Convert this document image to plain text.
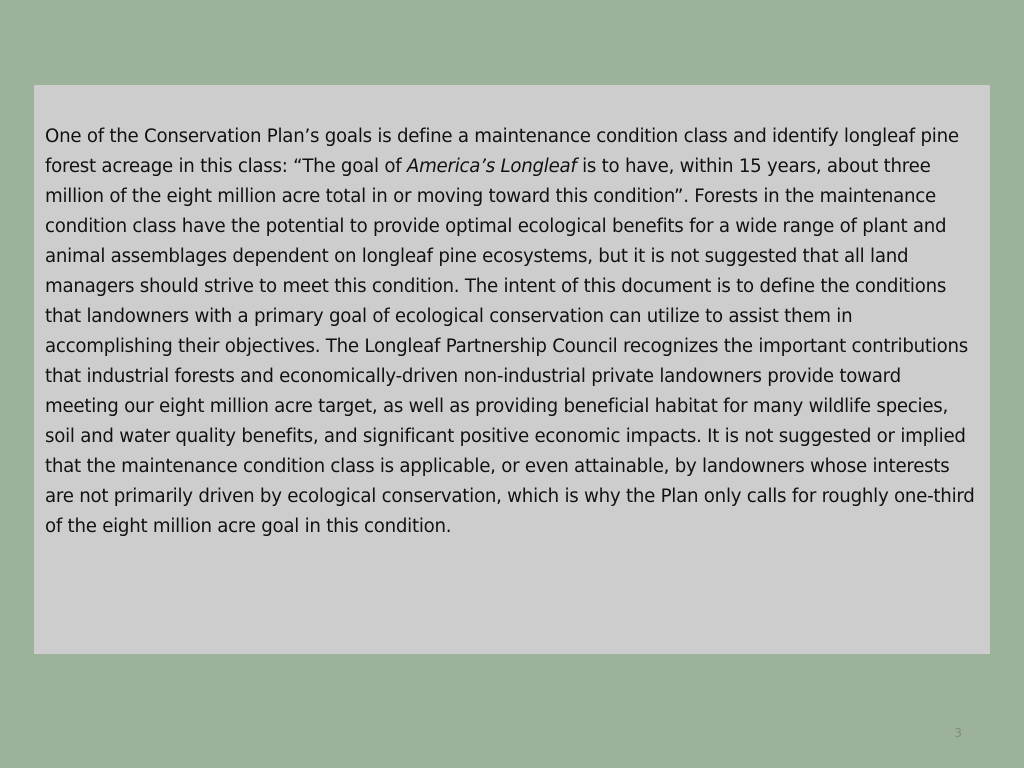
One of the Conservation Plan’s goals is define a maintenance condition class and identify longleaf pine forest acreage in this class: “The goal of America’s Longleaf is to have, within 15 years, about three million of the eight million acre total in or moving toward this condition”. Forests in the maintenance condition class have the potential to provide optimal ecological benefits for a wide range of plant and animal assemblages dependent on longleaf pine ecosystems, but it is not suggested that all land managers should strive to meet this condition. The intent of this document is to define the conditions that landowners with a primary goal of ecological conservation can utilize to assist them in accomplishing their objectives. The Longleaf Partnership Council recognizes the important contributions that industrial forests and economically-driven non-industrial private landowners provide toward meeting our eight million acre target, as well as providing beneficial habitat for many wildlife species, soil and water quality benefits, and significant positive economic impacts. It is not suggested or implied that the maintenance condition class is applicable, or even attainable, by landowners whose interests are not primarily driven by ecological conservation, which is why the Plan only calls for roughly one-third of the eight million acre goal in this condition.

3
